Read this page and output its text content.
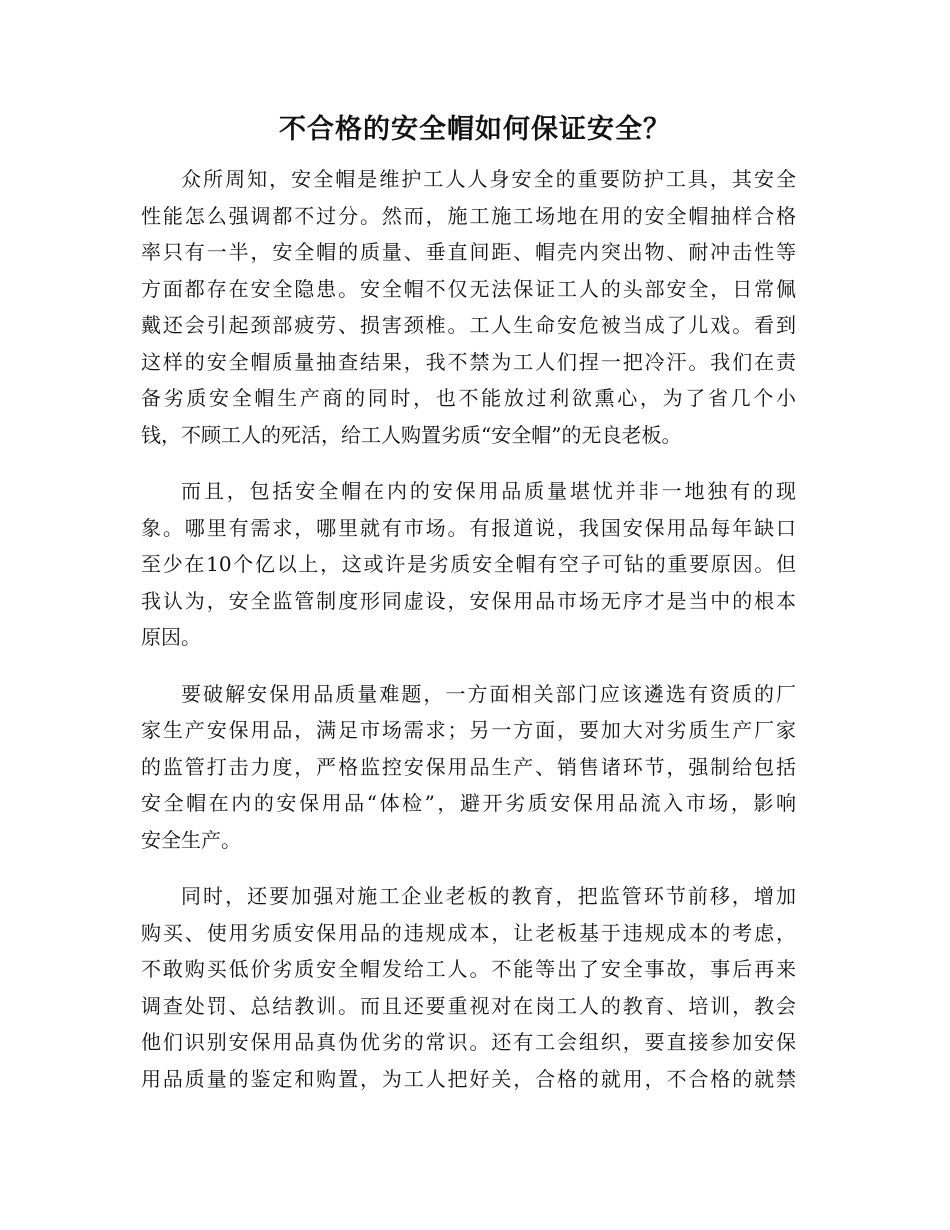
不合格的安全帽如何保证安全？
众所周知，安全帽是维护工人人身安全的重要防护工具，其安全
性能怎么强调都不过分。然而，施工施工场地在用的安全帽抽样合格
率只有一半，安全帽的质量、垂直间距、帽壳内突出物、耐冲击性等
方面都存在安全隐患。安全帽不仅无法保证工人的头部安全，日常佩
戴还会引起颈部疲劳、损害颈椎。工人生命安危被当成了儿戏。看到
这样的安全帽质量抽查结果，我不禁为工人们捏一把冷汗。我们在责
备劣质安全帽生产商的同时，也不能放过利欲熏心，为了省几个小
钱，不顾工人的死活，给工人购置劣质“安全帽”的无良老板。
而且，包括安全帽在内的安保用品质量堪忧并非一地独有的现
象。哪里有需求，哪里就有市场。有报道说，我国安保用品每年缺口
至少在10个亿以上，这或许是劣质安全帽有空子可钻的重要原因。但
我认为，安全监管制度形同虚设，安保用品市场无序才是当中的根本
原因。
要破解安保用品质量难题，一方面相关部门应该遴选有资质的厂
家生产安保用品，满足市场需求；另一方面，要加大对劣质生产厂家
的监管打击力度，严格监控安保用品生产、销售诸环节，强制给包括
安全帽在内的安保用品“体检”，避开劣质安保用品流入市场，影响
安全生产。
同时，还要加强对施工企业老板的教育，把监管环节前移，增加
购买、使用劣质安保用品的违规成本，让老板基于违规成本的考虑，
不敢购买低价劣质安全帽发给工人。不能等出了安全事故，事后再来
调查处罚、总结教训。而且还要重视对在岗工人的教育、培训，教会
他们识别安保用品真伪优劣的常识。还有工会组织，要直接参加安保
用品质量的鉴定和购置，为工人把好关，合格的就用，不合格的就禁
